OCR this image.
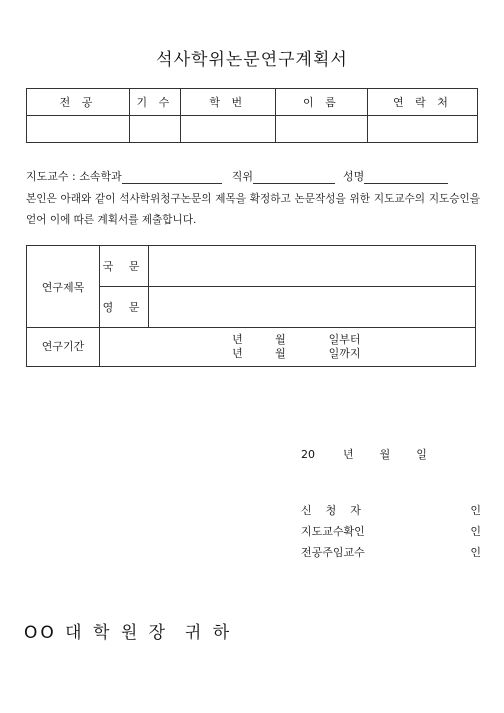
석사학위논문연구계획서
전 공	기 수	학 번	이 름	연 락 처

지도교수 : 소속학과	직위	성명
본인은 아래와 같이 석사학위청구논문의 제목을 확정하고 논문작성을 위한 지도교수의 지도승인을 얻어 이에 따른 계획서를 제출합니다.
연구제목	국 문	
	영 문	
연구기간	년 월 일부터
년 월 일까지	
20	년 월 일
신    청    자	인
지도교수확인	인
전공주임교수	인
OO 대 학 원 장  귀 하
